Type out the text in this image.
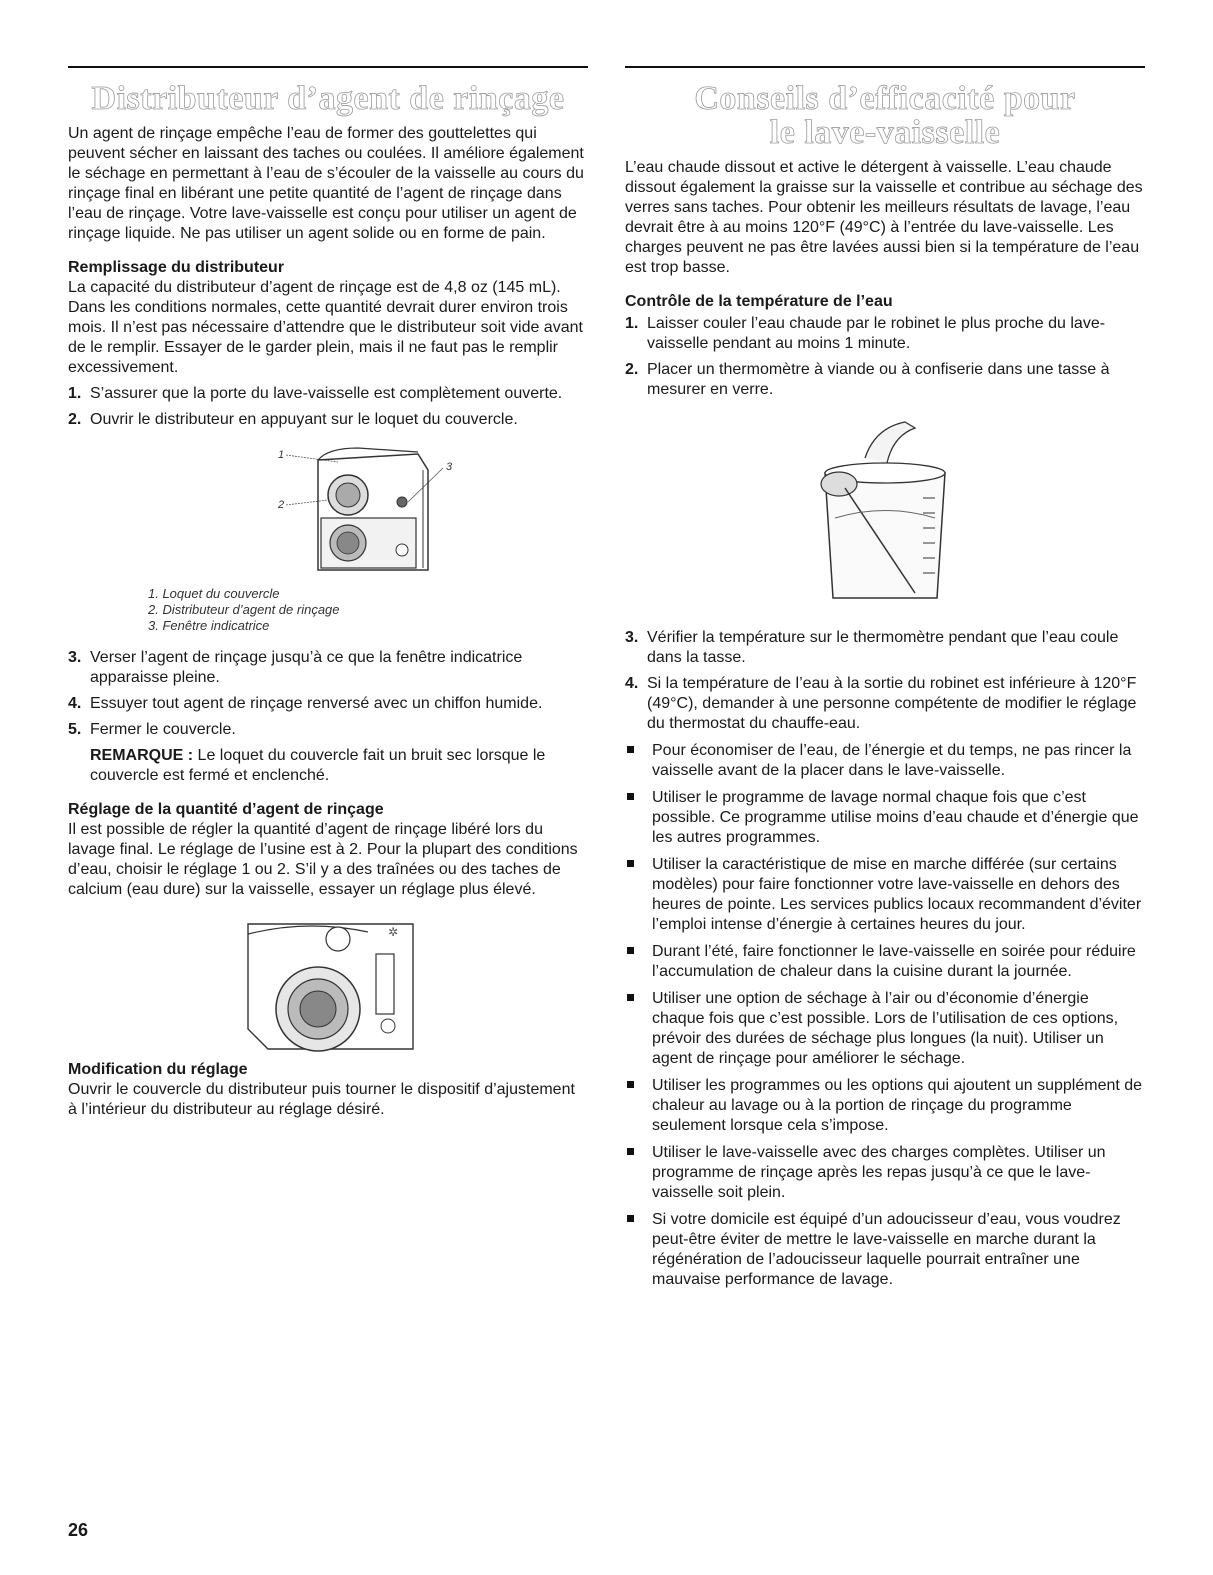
Distributeur d’agent de rinçage

Un agent de rinçage empêche l’eau de former des gouttelettes qui peuvent sécher en laissant des taches ou coulées. Il améliore également le séchage en permettant à l’eau de s’écouler de la vaisselle au cours du rinçage final en libérant une petite quantité de l’agent de rinçage dans l’eau de rinçage. Votre lave-vaisselle est conçu pour utiliser un agent de rinçage liquide. Ne pas utiliser un agent solide ou en forme de pain.

Remplissage du distributeur

La capacité du distributeur d’agent de rinçage est de 4,8 oz (145 mL). Dans les conditions normales, cette quantité devrait durer environ trois mois. Il n’est pas nécessaire d’attendre que le distributeur soit vide avant de le remplir. Essayer de le garder plein, mais il ne faut pas le remplir excessivement.

1. S’assurer que la porte du lave-vaisselle est complètement ouverte.
2. Ouvrir le distributeur en appuyant sur le loquet du couvercle.
1
2
3
1. Loquet du couvercle
2. Distributeur d’agent de rinçage
3. Fenêtre indicatrice
3. Verser l’agent de rinçage jusqu’à ce que la fenêtre indicatrice apparaisse pleine.
4. Essuyer tout agent de rinçage renversé avec un chiffon humide.
5. Fermer le couvercle.
REMARQUE : Le loquet du couvercle fait un bruit sec lorsque le couvercle est fermé et enclenché.
Réglage de la quantité d’agent de rinçage

Il est possible de régler la quantité d’agent de rinçage libéré lors du lavage final. Le réglage de l’usine est à 2. Pour la plupart des conditions d’eau, choisir le réglage 1 ou 2. S’il y a des traînées ou des taches de calcium (eau dure) sur la vaisselle, essayer un réglage plus élevé.

✲
Modification du réglage

Ouvrir le couvercle du distributeur puis tourner le dispositif d’ajustement à l’intérieur du distributeur au réglage désiré.

Conseils d’efficacité pour
le lave-vaisselle

L’eau chaude dissout et active le détergent à vaisselle. L’eau chaude dissout également la graisse sur la vaisselle et contribue au séchage des verres sans taches. Pour obtenir les meilleurs résultats de lavage, l’eau devrait être à au moins 120°F (49°C) à l’entrée du lave-vaisselle. Les charges peuvent ne pas être lavées aussi bien si la température de l’eau est trop basse.

Contrôle de la température de l’eau
1. Laisser couler l’eau chaude par le robinet le plus proche du lave-vaisselle pendant au moins 1 minute.
2. Placer un thermomètre à viande ou à confiserie dans une tasse à mesurer en verre.
3. Vérifier la température sur le thermomètre pendant que l’eau coule dans la tasse.
4. Si la température de l’eau à la sortie du robinet est inférieure à 120°F (49°C), demander à une personne compétente de modifier le réglage du thermostat du chauffe-eau.
Pour économiser de l’eau, de l’énergie et du temps, ne pas rincer la vaisselle avant de la placer dans le lave-vaisselle.
Utiliser le programme de lavage normal chaque fois que c’est possible. Ce programme utilise moins d’eau chaude et d’énergie que les autres programmes.
Utiliser la caractéristique de mise en marche différée (sur certains modèles) pour faire fonctionner votre lave-vaisselle en dehors des heures de pointe. Les services publics locaux recommandent d’éviter l’emploi intense d’énergie à certaines heures du jour.
Durant l’été, faire fonctionner le lave-vaisselle en soirée pour réduire l’accumulation de chaleur dans la cuisine durant la journée.
Utiliser une option de séchage à l’air ou d’économie d’énergie chaque fois que c’est possible. Lors de l’utilisation de ces options, prévoir des durées de séchage plus longues (la nuit). Utiliser un agent de rinçage pour améliorer le séchage.
Utiliser les programmes ou les options qui ajoutent un supplément de chaleur au lavage ou à la portion de rinçage du programme seulement lorsque cela s’impose.
Utiliser le lave-vaisselle avec des charges complètes. Utiliser un programme de rinçage après les repas jusqu’à ce que le lave-vaisselle soit plein.
Si votre domicile est équipé d’un adoucisseur d’eau, vous voudrez peut-être éviter de mettre le lave-vaisselle en marche durant la régénération de l’adoucisseur laquelle pourrait entraîner une mauvaise performance de lavage.
26
